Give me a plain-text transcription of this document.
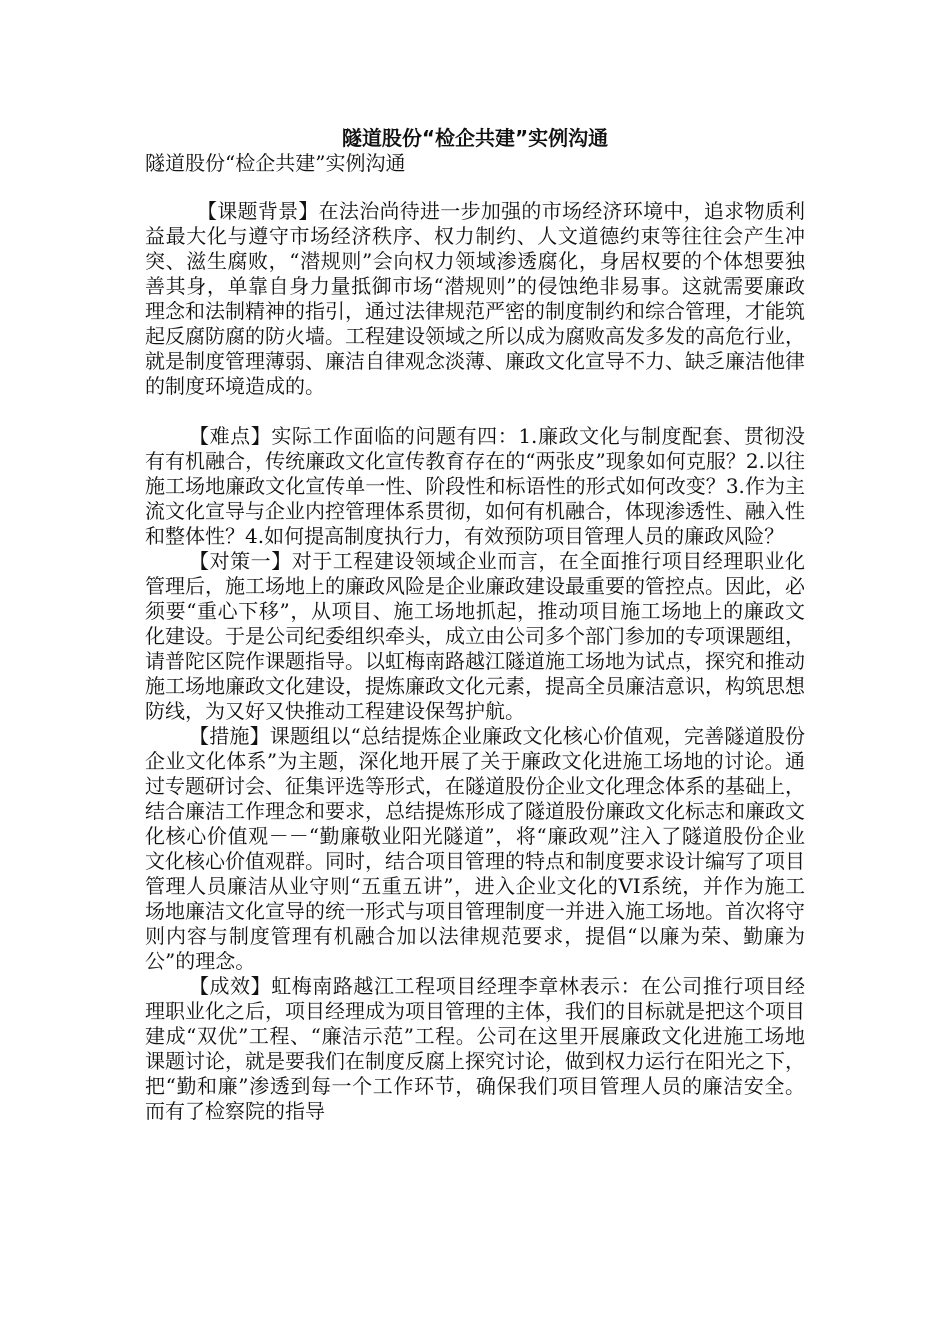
隧道股份“检企共建”实例沟通

隧道股份“检企共建”实例沟通

【课题背景】在法治尚待进一步加强的市场经济环境中，追求物质利益最大化与遵守市场经济秩序、权力制约、人文道德约束等往往会产生冲突、滋生腐败，“潜规则”会向权力领域渗透腐化，身居权要的个体想要独善其身，单靠自身力量抵御市场“潜规则”的侵蚀绝非易事。这就需要廉政理念和法制精神的指引，通过法律规范严密的制度制约和综合管理，才能筑起反腐防腐的防火墙。工程建设领域之所以成为腐败高发多发的高危行业，就是制度管理薄弱、廉洁自律观念淡薄、廉政文化宣导不力、缺乏廉洁他律的制度环境造成的。

【难点】实际工作面临的问题有四：1.廉政文化与制度配套、贯彻没有有机融合，传统廉政文化宣传教育存在的“两张皮”现象如何克服？2.以往施工场地廉政文化宣传单一性、阶段性和标语性的形式如何改变？3.作为主流文化宣导与企业内控管理体系贯彻，如何有机融合，体现渗透性、融入性和整体性？4.如何提高制度执行力，有效预防项目管理人员的廉政风险？

【对策一】对于工程建设领域企业而言，在全面推行项目经理职业化管理后，施工场地上的廉政风险是企业廉政建设最重要的管控点。因此，必须要“重心下移”，从项目、施工场地抓起，推动项目施工场地上的廉政文化建设。于是公司纪委组织牵头，成立由公司多个部门参加的专项课题组，请普陀区院作课题指导。以虹梅南路越江隧道施工场地为试点，探究和推动施工场地廉政文化建设，提炼廉政文化元素，提高全员廉洁意识，构筑思想防线，为又好又快推动工程建设保驾护航。

【措施】课题组以“总结提炼企业廉政文化核心价值观，完善隧道股份企业文化体系”为主题，深化地开展了关于廉政文化进施工场地的讨论。通过专题研讨会、征集评选等形式，在隧道股份企业文化理念体系的基础上，结合廉洁工作理念和要求，总结提炼形成了隧道股份廉政文化标志和廉政文化核心价值观－－“勤廉敬业阳光隧道”，将“廉政观”注入了隧道股份企业文化核心价值观群。同时，结合项目管理的特点和制度要求设计编写了项目管理人员廉洁从业守则“五重五讲”，进入企业文化的VI系统，并作为施工场地廉洁文化宣导的统一形式与项目管理制度一并进入施工场地。首次将守则内容与制度管理有机融合加以法律规范要求，提倡“以廉为荣、勤廉为公”的理念。

【成效】虹梅南路越江工程项目经理李章林表示：在公司推行项目经理职业化之后，项目经理成为项目管理的主体，我们的目标就是把这个项目建成“双优”工程、“廉洁示范”工程。公司在这里开展廉政文化进施工场地课题讨论，就是要我们在制度反腐上探究讨论，做到权力运行在阳光之下，把“勤和廉”渗透到每一个工作环节，确保我们项目管理人员的廉洁安全。而有了检察院的指导
